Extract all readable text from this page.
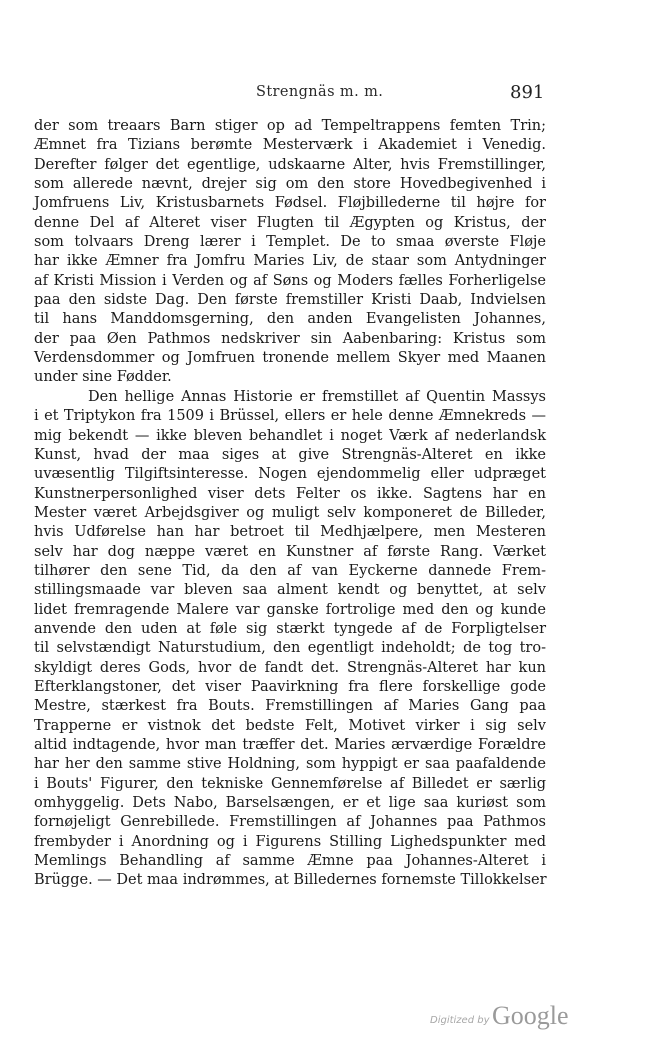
Strengnäs m. m.	891
der som treaars Barn stiger op ad Tempeltrappens femten Trin;
Æmnet fra Tizians berømte Mesterværk i Akademiet i Venedig.
Derefter følger det egentlige, udskaarne Alter, hvis Fremstillinger,
som allerede nævnt, drejer sig om den store Hovedbegivenhed i
Jomfruens Liv, Kristusbarnets Fødsel. Fløjbillederne til højre for
denne Del af Alteret viser Flugten til Ægypten og Kristus, der
som tolvaars Dreng lærer i Templet. De to smaa øverste Fløje
har ikke Æmner fra Jomfru Maries Liv, de staar som Antydninger
af Kristi Mission i Verden og af Søns og Moders fælles Forherligelse
paa den sidste Dag. Den første fremstiller Kristi Daab, Indvielsen
til hans Manddomsgerning, den anden Evangelisten Johannes,
der paa Øen Pathmos nedskriver sin Aabenbaring: Kristus som
Verdensdommer og Jomfruen tronende mellem Skyer med Maanen
under sine Fødder.
Den hellige Annas Historie er fremstillet af Quentin Massys
i et Triptykon fra 1509 i Brüssel, ellers er hele denne Æmnekreds —
mig bekendt — ikke bleven behandlet i noget Værk af nederlandsk
Kunst, hvad der maa siges at give Strengnäs-Alteret en ikke
uvæsentlig Tilgiftsinteresse. Nogen ejendommelig eller udpræget
Kunstnerpersonlighed viser dets Felter os ikke. Sagtens har en
Mester været Arbejdsgiver og muligt selv komponeret de Billeder,
hvis Udførelse han har betroet til Medhjælpere, men Mesteren
selv har dog næppe været en Kunstner af første Rang. Værket
tilhører den sene Tid, da den af van Eyckerne dannede Frem-
stillingsmaade var bleven saa alment kendt og benyttet, at selv
lidet fremragende Malere var ganske fortrolige med den og kunde
anvende den uden at føle sig stærkt tyngede af de Forpligtelser
til selvstændigt Naturstudium, den egentligt indeholdt; de tog tro-
skyldigt deres Gods, hvor de fandt det. Strengnäs-Alteret har kun
Efterklangstoner, det viser Paavirkning fra flere forskellige gode
Mestre, stærkest fra Bouts. Fremstillingen af Maries Gang paa
Trapperne er vistnok det bedste Felt, Motivet virker i sig selv
altid indtagende, hvor man træffer det. Maries ærværdige Forældre
har her den samme stive Holdning, som hyppigt er saa paafaldende
i Bouts' Figurer, den tekniske Gennemførelse af Billedet er særlig
omhyggelig. Dets Nabo, Barselsængen, er et lige saa kuriøst som
fornøjeligt Genrebillede. Fremstillingen af Johannes paa Pathmos
frembyder i Anordning og i Figurens Stilling Lighedspunkter med
Memlings Behandling af samme Æmne paa Johannes-Alteret i
Brügge. — Det maa indrømmes, at Billedernes fornemste Tillokkelser
Digitized by Google
